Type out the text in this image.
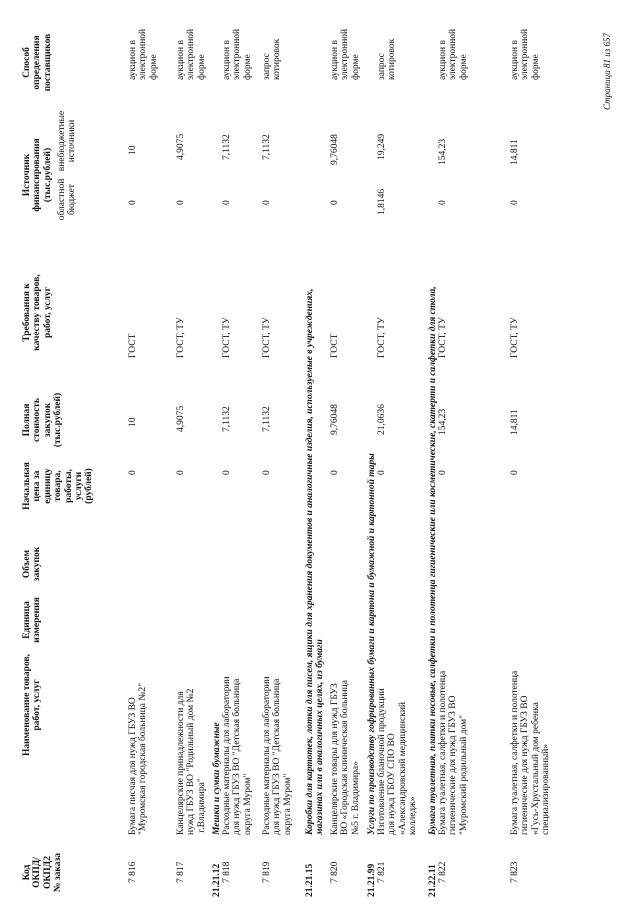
Код
ОКПД/
ОКПД2
№ заказа
Наименование товаров,
работ, услуг
Единица
измерения
Объем
закупок
Начальная
цена за
единицу
товара,
работы,
услуги
(рублей)
Полная
стоимость
закупок
(тыс.рублей)
Требования к
качеству товаров,
работ, услуг
Источник
финансирования
(тыс.рублей) областной
бюджет
внебюджетные
источники
Способ
определения
поставщиков
7 816
Бумага писчая для нужд ГБУЗ ВО
"Муромская городская больница №2"
0
10
ГОСТ
0
10
аукцион в
электронной
форме
7 817
Канцелярские принадлежности для
нужд ГБУЗ ВО "Родильный дом №2
г.Владимира"
0
4,9075
ГОСТ, ТУ
0
4,9075
аукцион в
электронной
форме
21.21.12
Мешки и сумки бумажные
7 818
Расходные материалы для лаборатории
для нужд ГБУЗ ВО "Детская больница
округа Муром"
0
7,1132
ГОСТ, ТУ
0
7,1132
аукцион в
электронной
форме
7 819
Расходные материалы для лаборатории
для нужд ГБУЗ ВО "Детская больница
округа Муром"
0
7,1132
ГОСТ, ТУ
0
7,1132
запрос
котировок
21.21.15
Коробки для картотек, лотки для писем, ящики для хранения документов и аналогичные изделия, используемые в учреждениях,
магазинах или в аналогичных целях, из бумаги
7 820
Канцелярские товары для нужд ГБУЗ
ВО «Городская клиническая больница
№5 г. Владимира»
0
9,76048
ГОСТ
0
9,76048
аукцион в
электронной
форме
21.21.99
Услуги по производству гофрированных бумаги и картона и бумажной и картонной тары
7 821
Изготовление бланочной продукции
для нужд ГБОУ СПО ВО
«Александровский медицинский
колледж»
0
21,0636
ГОСТ, ТУ
1,8146
19,249
запрос
котировок
21.22.11
Бумага туалетная, платки носовые, салфетки и полотенца гигиенические или косметические, скатерти и салфетки для стола,
7 822
Бумага туалетная, салфетки и полотенца
гигиенические для нужд ГБУЗ ВО
"Муромский родильный дом"
0
154,23
ГОСТ, ТУ
0
154,23
аукцион в
электронной
форме
7 823
Бумага туалетная, салфетки и полотенца
гигиенические для нужд ГБУЗ ВО
«Гусь-Хрустальный дом ребенка
специализированный»
0
14,811
ГОСТ, ТУ
0
14,811
аукцион в
электронной
форме	Страница 81 из 657
